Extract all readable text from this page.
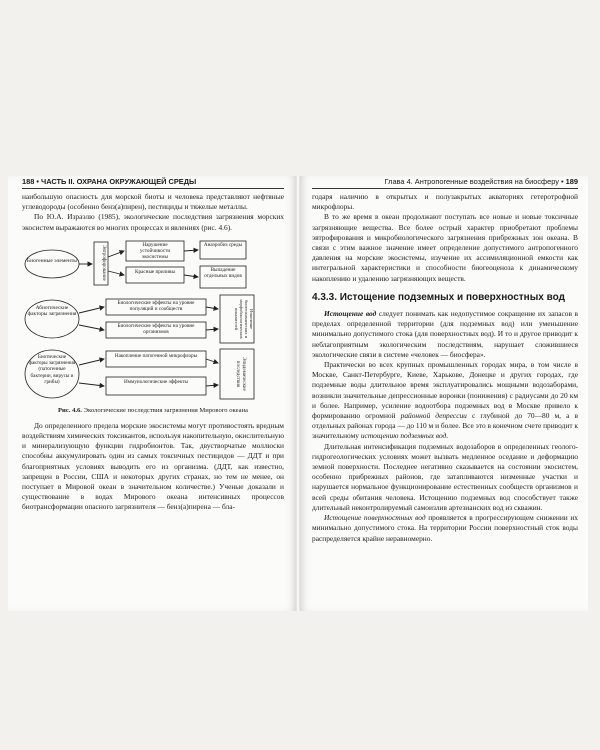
188 • ЧАСТЬ II. ОХРАНА ОКРУЖАЮЩЕЙ СРЕДЫ

наибольшую опасность для морской биоты и человека представляют нефтяные углеводороды (особенно бенз(а)пирен), пестициды и тяжелые металлы.

По Ю.А. Израэлю (1985), экологические последствия загрязнения морских экосистем выражаются во многих процессах и явлениях (рис. 4.6).

Биогенные элементы
Абиотические факторы загрязнения
Биотические факторы загрязнения (патогенные бактерии, вирусы и грибы)
Эвтрофирование
Нарушение устойчивости экосистемы
Красные приливы
Анаэробиз среды
Выпадение отдельных видов
Биологические эффекты на уровне популяций и сообществ
Биологические эффекты на уровне организмов
Накопление патогенной микрофлоры
Иммунологические эффекты
Изменение биогеохимических и морфобиологических показателей
Эпидемические последствия
Рис. 4.6. Экологические последствия загрязнения Мирового океана

До определенного предела морские экосистемы могут противостоять вредным воздействиям химических токсикантов, используя накопительную, окислительную и минерализующую функции гидробионтов. Так, двустворчатые моллюски способны аккумулировать один из самых токсичных пестицидов — ДДТ и при благоприятных условиях выводить его из организма. (ДДТ, как известно, запрещен в России, США и некоторых других странах, но тем не менее, он поступает в Мировой океан в значительном количестве.) Ученые доказали и существование в водах Мирового океана интенсивных процессов биотрансформации опасного загрязнителя — бенз(а)пирена — бла-

Глава 4. Антропогенные воздействия на биосферу • 189

годаря наличию в открытых и полузакрытых акваториях гетеротрофной микрофлоры.

В то же время в океан продолжают поступать все новые и новые токсичные загрязняющие вещества. Все более острый характер приобретают проблемы эвтрофирования и микробиологического загрязнения прибрежных зон океана. В связи с этим важное значение имеет определение допустимого антропогенного давления на морские экосистемы, изучение их ассимиляционной емкости как интегральной характеристики и способности биогеоценоза к динамическому накоплению и удалению загрязняющих веществ.

4.3.3. Истощение подземных и поверхностных вод

Истощение вод следует понимать как недопустимое сокращение их запасов в пределах определенной территории (для подземных вод) или уменьшение минимально допустимого стока (для поверхностных вод). И то и другое приводит к неблагоприятным экологическим последствиям, нарушает сложившиеся экологические связи в системе «человек — биосфера».

Практически во всех крупных промышленных городах мира, в том числе в Москве, Санкт-Петербурге, Киеве, Харькове, Донецке и других городах, где подземные воды длительное время эксплуатировались мощными водозаборами, возникли значительные депрессионные воронки (понижения) с радиусами до 20 км и более. Например, усиление водоотбора подземных вод в Москве привело к формированию огромной районной депрессии с глубиной до 70—80 м, а в отдельных районах города — до 110 м и более. Все это в конечном счете приводит к значительному истощению подземных вод.

Длительная интенсификация подземных водозаборов в определенных геолого-гидрогеологических условиях может вызвать медленное оседание и деформацию земной поверхности. Последнее негативно сказывается на состоянии экосистем, особенно прибрежных районов, где затапливаются низменные участки и нарушается нормальное функционирование естественных сообществ организмов и всей среды обитания человека. Истощению подземных вод способствует также длительный неконтролируемый самоизлив артезианских вод из скважин.

Истощение поверхностных вод проявляется в прогрессирующем снижении их минимально допустимого стока. На территории России поверхностный сток воды распределяется крайне неравномерно.
